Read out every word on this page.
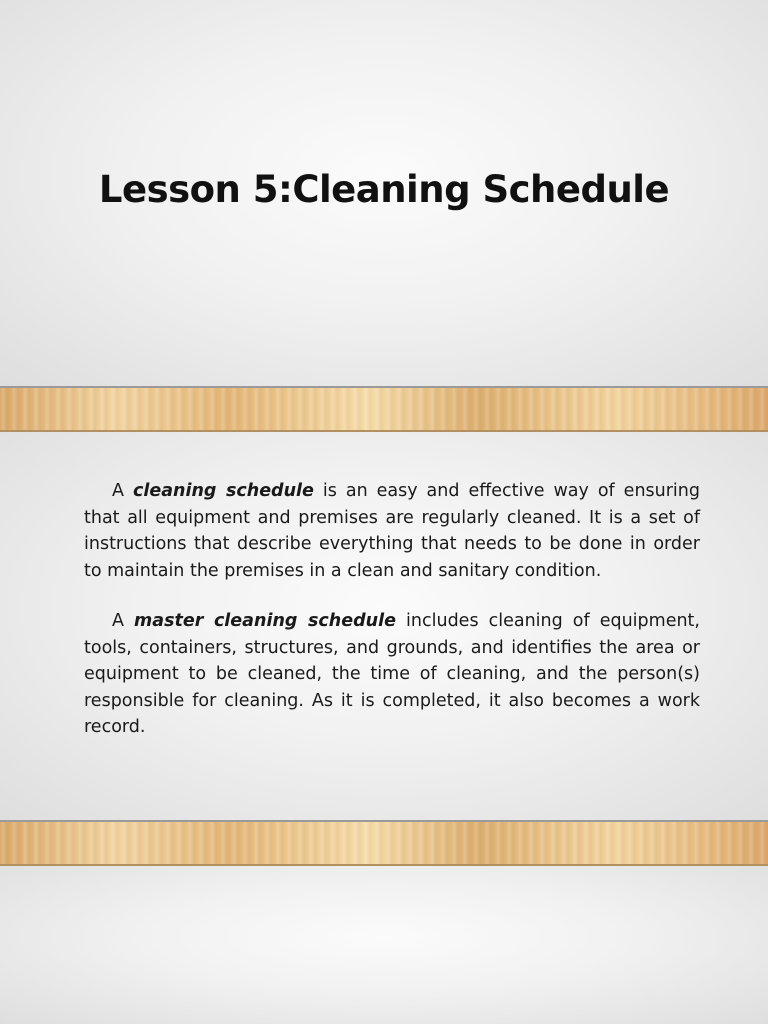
Lesson 5:Cleaning Schedule

A cleaning schedule is an easy and effective way of ensuring that all equipment and premises are regularly cleaned. It is a set of instructions that describe everything that needs to be done in order to maintain the premises in a clean and sanitary condition.

A master cleaning schedule includes cleaning of equipment, tools, containers, structures, and grounds, and identifies the area or equipment to be cleaned, the time of cleaning, and the person(s) responsible for cleaning. As it is completed, it also becomes a work record.
